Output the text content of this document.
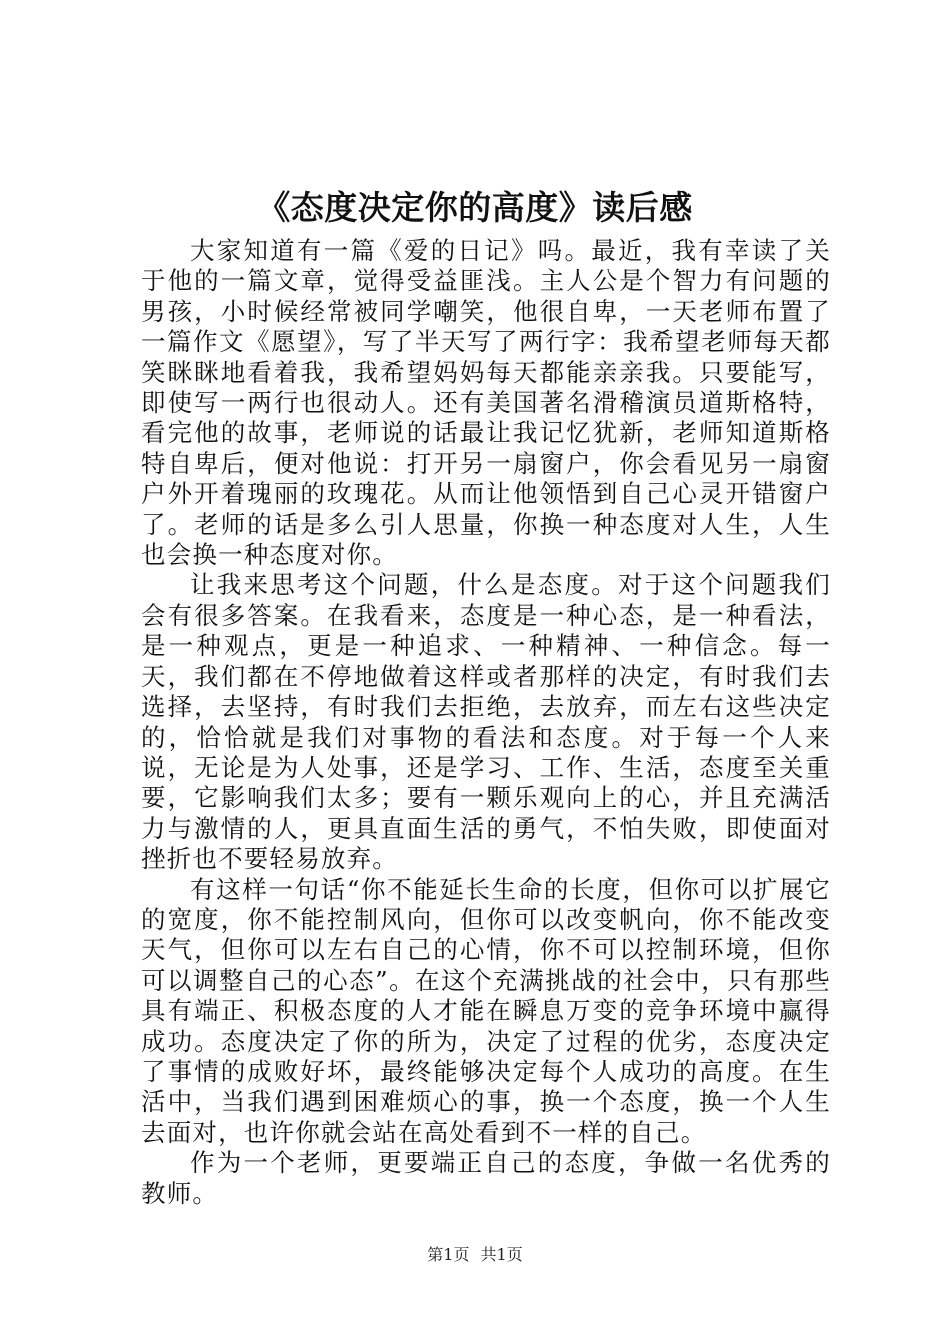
《态度决定你的高度》读后感

大家知道有一篇《爱的日记》吗。最近，我有幸读了关于他的一篇文章，觉得受益匪浅。主人公是个智力有问题的男孩，小时候经常被同学嘲笑，他很自卑，一天老师布置了一篇作文《愿望》，写了半天写了两行字：我希望老师每天都笑眯眯地看着我，我希望妈妈每天都能亲亲我。只要能写，即使写一两行也很动人。还有美国著名滑稽演员道斯格特，看完他的故事，老师说的话最让我记忆犹新，老师知道斯格特自卑后，便对他说：打开另一扇窗户，你会看见另一扇窗户外开着瑰丽的玫瑰花。从而让他领悟到自己心灵开错窗户了。老师的话是多么引人思量，你换一种态度对人生，人生也会换一种态度对你。

让我来思考这个问题，什么是态度。对于这个问题我们会有很多答案。在我看来，态度是一种心态，是一种看法，是一种观点，更是一种追求、一种精神、一种信念。每一天，我们都在不停地做着这样或者那样的决定，有时我们去选择，去坚持，有时我们去拒绝，去放弃，而左右这些决定的，恰恰就是我们对事物的看法和态度。对于每一个人来说，无论是为人处事，还是学习、工作、生活，态度至关重要，它影响我们太多；要有一颗乐观向上的心，并且充满活力与激情的人，更具直面生活的勇气，不怕失败，即使面对挫折也不要轻易放弃。

有这样一句话“你不能延长生命的长度，但你可以扩展它的宽度，你不能控制风向，但你可以改变帆向，你不能改变天气，但你可以左右自己的心情，你不可以控制环境，但你可以调整自己的心态”。在这个充满挑战的社会中，只有那些具有端正、积极态度的人才能在瞬息万变的竞争环境中赢得成功。态度决定了你的所为，决定了过程的优劣，态度决定了事情的成败好坏，最终能够决定每个人成功的高度。在生活中，当我们遇到困难烦心的事，换一个态度，换一个人生去面对，也许你就会站在高处看到不一样的自己。

作为一个老师，更要端正自己的态度，争做一名优秀的教师。

第1页 共1页
